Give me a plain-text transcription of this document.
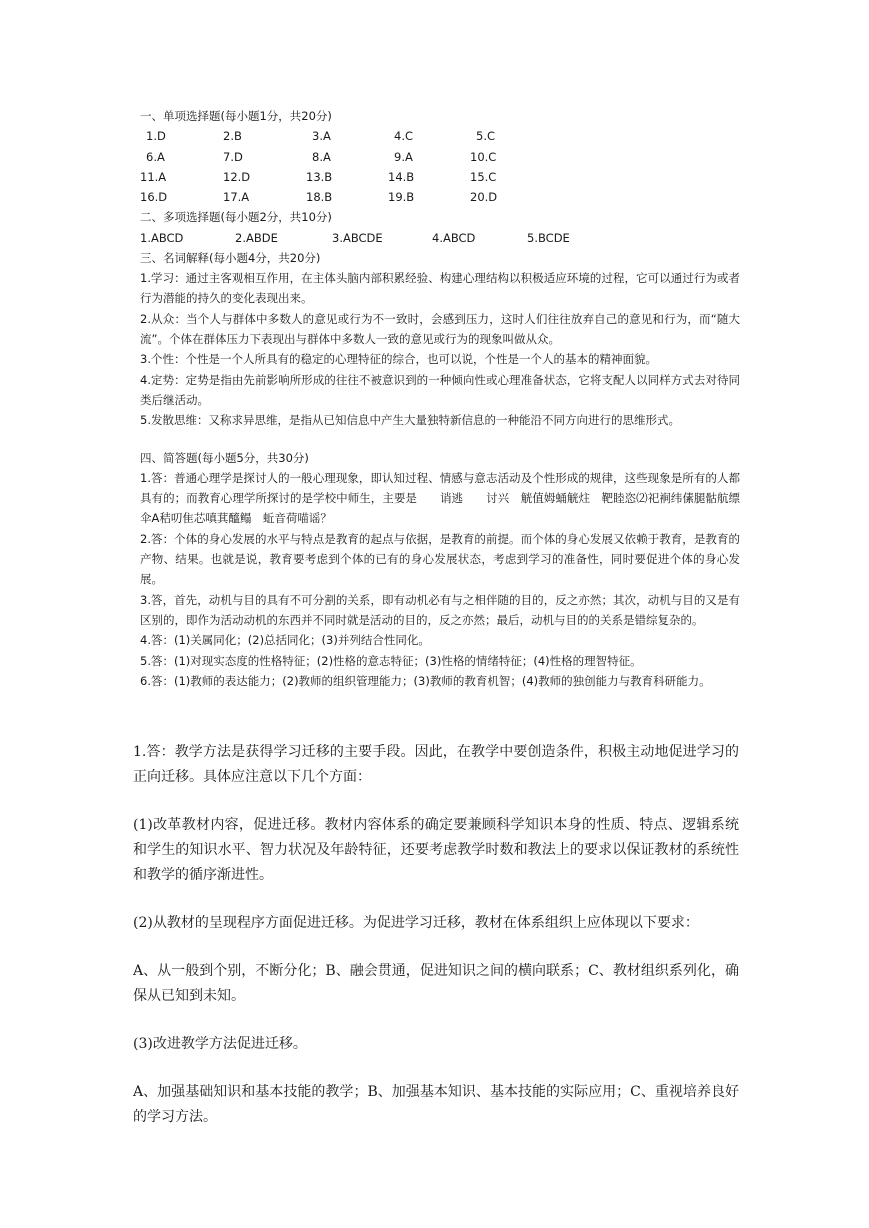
一、单项选择题(每小题1分，共20分)

1.D	2.B	3.A	4.C	5.C
6.A	7.D	8.A	9.A	10.C
11.A	12.D	13.B	14.B	15.C
16.D	17.A	18.B	19.B	20.D

二、多项选择题(每小题2分，共10分)

1.ABCD	2.ABDE	3.ABCDE	4.ABCD	5.BCDE

三、名词解释(每小题4分，共20分)

1.学习：通过主客观相互作用，在主体头脑内部积累经验、构建心理结构以积极适应环境的过程，它可以通过行为或者行为潜能的持久的变化表现出来。

2.从众：当个人与群体中多数人的意见或行为不一致时，会感到压力，这时人们往往放弃自己的意见和行为，而“随大流”。个体在群体压力下表现出与群体中多数人一致的意见或行为的现象叫做从众。

3.个性：个性是一个人所具有的稳定的心理特征的综合，也可以说，个性是一个人的基本的精神面貌。

4.定势：定势是指由先前影响所形成的往往不被意识到的一种倾向性或心理准备状态，它将支配人以同样方式去对待同类后继活动。

5.发散思维：又称求异思维，是指从已知信息中产生大量独特新信息的一种能沿不同方向进行的思维形式。

四、简答题(每小题5分，共30分)

1.答：普通心理学是探讨人的一般心理现象，即认知过程、情感与意志活动及个性形成的规律，这些现象是所有的人都具有的；而教育心理学所探讨的是学校中师生，主要是　　诮逃　　讨兴　觥值姆蛹觥炷　靶睦恣⑵祀裥纬傃腿骷航缥伞Α秸叨隹芯嗔萁醯鳎　蚯音荷喵谣？

2.答：个体的身心发展的水平与特点是教育的起点与依据，是教育的前提。而个体的身心发展又依赖于教育，是教育的产物、结果。也就是说，教育要考虑到个体的已有的身心发展状态，考虑到学习的准备性，同时要促进个体的身心发展。

3.答，首先，动机与目的具有不可分割的关系，即有动机必有与之相伴随的目的，反之亦然；其次，动机与目的又是有区别的，即作为活动动机的东西并不同时就是活动的目的，反之亦然；最后，动机与目的的关系是错综复杂的。

4.答：(1)关属同化；(2)总括同化；(3)并列结合性同化。

5.答：(1)对现实态度的性格特征；(2)性格的意志特征；(3)性格的情绪特征；(4)性格的理智特征。

6.答：(1)教师的表达能力；(2)教师的组织管理能力；(3)教师的教育机智；(4)教师的独创能力与教育科研能力。

1.答：教学方法是获得学习迁移的主要手段。因此，在教学中要创造条件，积极主动地促进学习的正向迁移。具体应注意以下几个方面：

(1)改革教材内容，促进迁移。教材内容体系的确定要兼顾科学知识本身的性质、特点、逻辑系统和学生的知识水平、智力状况及年龄特征，还要考虑教学时数和教法上的要求以保证教材的系统性和教学的循序渐进性。

(2)从教材的呈现程序方面促进迁移。为促进学习迁移，教材在体系组织上应体现以下要求：

A、从一般到个别，不断分化；B、融会贯通，促进知识之间的横向联系；C、教材组织系列化，确保从已知到未知。

(3)改进教学方法促进迁移。

A、加强基础知识和基本技能的教学；B、加强基本知识、基本技能的实际应用；C、重视培养良好的学习方法。
